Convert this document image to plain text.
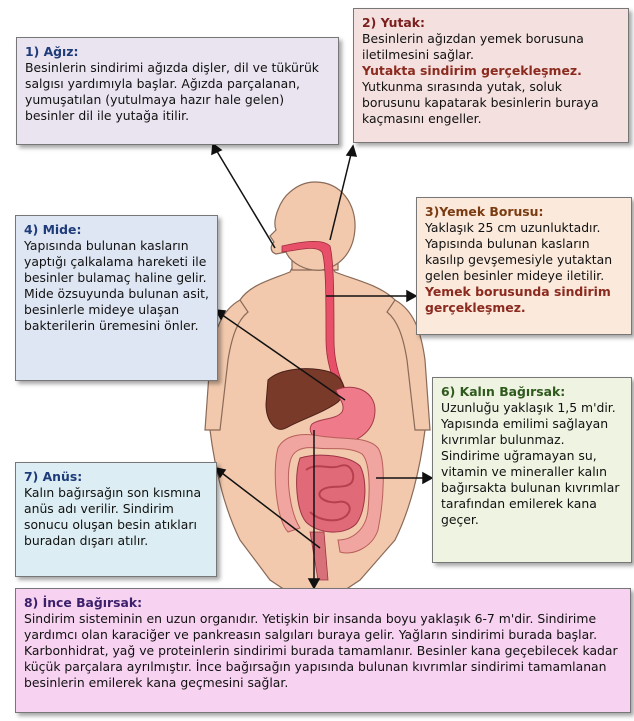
1) Ağız:
Besinlerin sindirimi ağızda dişler, dil ve tükürük salgısı yardımıyla başlar. Ağızda parçalanan, yumuşatılan (yutulmaya hazır hale gelen) besinler dil ile yutağa itilir.
2) Yutak:
Besinlerin ağızdan yemek borusuna iletilmesini sağlar.
Yutakta sindirim gerçekleşmez.
Yutkunma sırasında yutak, soluk borusunu kapatarak besinlerin buraya kaçmasını engeller.
4) Mide:
Yapısında bulunan kasların yaptığı çalkalama hareketi ile besinler bulamaç haline gelir. Mide özsuyunda bulunan asit, besinlerle mideye ulaşan bakterilerin üremesini önler.
3)Yemek Borusu:
Yaklaşık 25 cm uzunluktadır. Yapısında bulunan kasların kasılıp gevşemesiyle yutaktan gelen besinler mideye iletilir.
Yemek borusunda sindirim gerçekleşmez.
6) Kalın Bağırsak:
Uzunluğu yaklaşık 1,5 m'dir. Yapısında emilimi sağlayan kıvrımlar bulunmaz.
Sindirime uğramayan su, vitamin ve mineraller kalın bağırsakta bulunan kıvrımlar tarafından emilerek kana geçer.
7) Anüs:
Kalın bağırsağın son kısmına anüs adı verilir. Sindirim sonucu oluşan besin atıkları buradan dışarı atılır.
8) İnce Bağırsak:
Sindirim sisteminin en uzun organıdır. Yetişkin bir insanda boyu yaklaşık 6-7 m'dir. Sindirime yardımcı olan karaciğer ve pankreasın salgıları buraya gelir. Yağların sindirimi burada başlar. Karbonhidrat, yağ ve proteinlerin sindirimi burada tamamlanır. Besinler kana geçebilecek kadar küçük parçalara ayrılmıştır. İnce bağırsağın yapısında bulunan kıvrımlar sindirimi tamamlanan besinlerin emilerek kana geçmesini sağlar.
